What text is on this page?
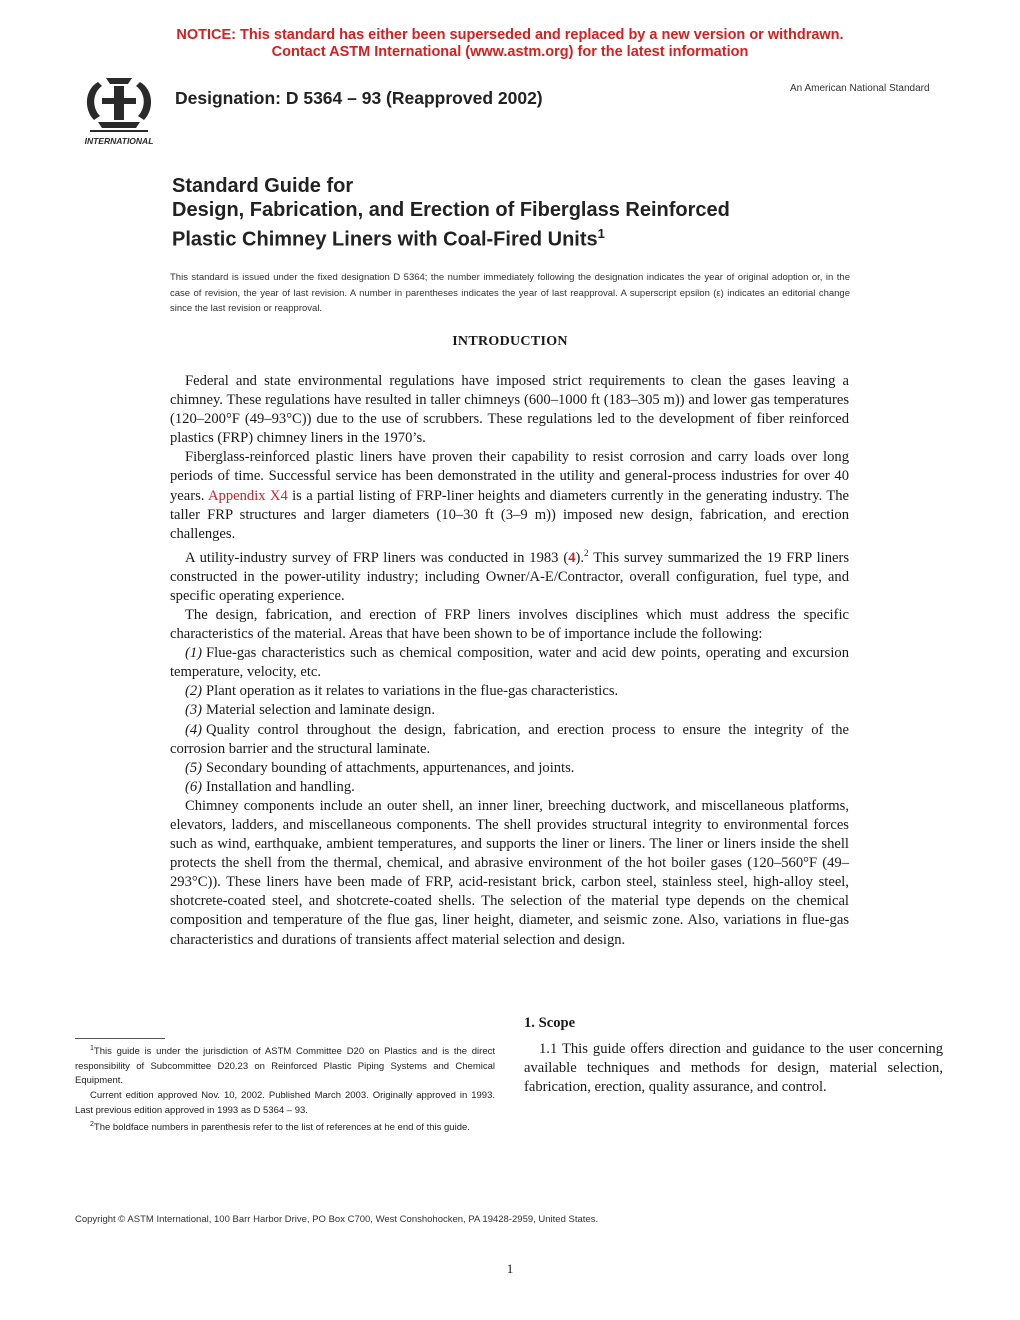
NOTICE: This standard has either been superseded and replaced by a new version or withdrawn.
Contact ASTM International (www.astm.org) for the latest information
INTERNATIONAL
Designation: D 5364 – 93 (Reapproved 2002)	An American National Standard
Standard Guide for
Design, Fabrication, and Erection of Fiberglass Reinforced
Plastic Chimney Liners with Coal-Fired Units$^1$
This standard is issued under the fixed designation D 5364; the number immediately following the designation indicates the year of original adoption or, in the case of revision, the year of last revision. A number in parentheses indicates the year of last reapproval. A superscript epsilon (ε) indicates an editorial change since the last revision or reapproval.
INTRODUCTION

Federal and state environmental regulations have imposed strict requirements to clean the gases leaving a chimney. These regulations have resulted in taller chimneys (600–1000 ft (183–305 m)) and lower gas temperatures (120–200°F (49–93°C)) due to the use of scrubbers. These regulations led to the development of fiber reinforced plastics (FRP) chimney liners in the 1970’s.

Fiberglass-reinforced plastic liners have proven their capability to resist corrosion and carry loads over long periods of time. Successful service has been demonstrated in the utility and general-process industries for over 40 years. Appendix X4 is a partial listing of FRP-liner heights and diameters currently in the generating industry. The taller FRP structures and larger diameters (10–30 ft (3–9 m)) imposed new design, fabrication, and erection challenges.

A utility-industry survey of FRP liners was conducted in 1983 (4).$^2$ This survey summarized the 19 FRP liners constructed in the power-utility industry; including Owner/A-E/Contractor, overall configuration, fuel type, and specific operating experience.

The design, fabrication, and erection of FRP liners involves disciplines which must address the specific characteristics of the material. Areas that have been shown to be of importance include the following:

(1) Flue-gas characteristics such as chemical composition, water and acid dew points, operating and excursion temperature, velocity, etc.

(2) Plant operation as it relates to variations in the flue-gas characteristics.

(3) Material selection and laminate design.

(4) Quality control throughout the design, fabrication, and erection process to ensure the integrity of the corrosion barrier and the structural laminate.

(5) Secondary bounding of attachments, appurtenances, and joints.

(6) Installation and handling.

Chimney components include an outer shell, an inner liner, breeching ductwork, and miscellaneous platforms, elevators, ladders, and miscellaneous components. The shell provides structural integrity to environmental forces such as wind, earthquake, ambient temperatures, and supports the liner or liners. The liner or liners inside the shell protects the shell from the thermal, chemical, and abrasive environment of the hot boiler gases (120–560°F (49–293°C)). These liners have been made of FRP, acid-resistant brick, carbon steel, stainless steel, high-alloy steel, shotcrete-coated steel, and shotcrete-coated shells. The selection of the material type depends on the chemical composition and temperature of the flue gas, liner height, diameter, and seismic zone. Also, variations in flue-gas characteristics and durations of transients affect material selection and design.

1. Scope

1.1 This guide offers direction and guidance to the user concerning available techniques and methods for design, material selection, fabrication, erection, quality assurance, and control.

$^1$This guide is under the jurisdiction of ASTM Committee D20 on Plastics and is the direct responsibility of Subcommittee D20.23 on Reinforced Plastic Piping Systems and Chemical Equipment.

Current edition approved Nov. 10, 2002. Published March 2003. Originally approved in 1993. Last previous edition approved in 1993 as D 5364 – 93.

$^2$The boldface numbers in parenthesis refer to the list of references at he end of this guide.

Copyright © ASTM International, 100 Barr Harbor Drive, PO Box C700, West Conshohocken, PA 19428-2959, United States.
1
